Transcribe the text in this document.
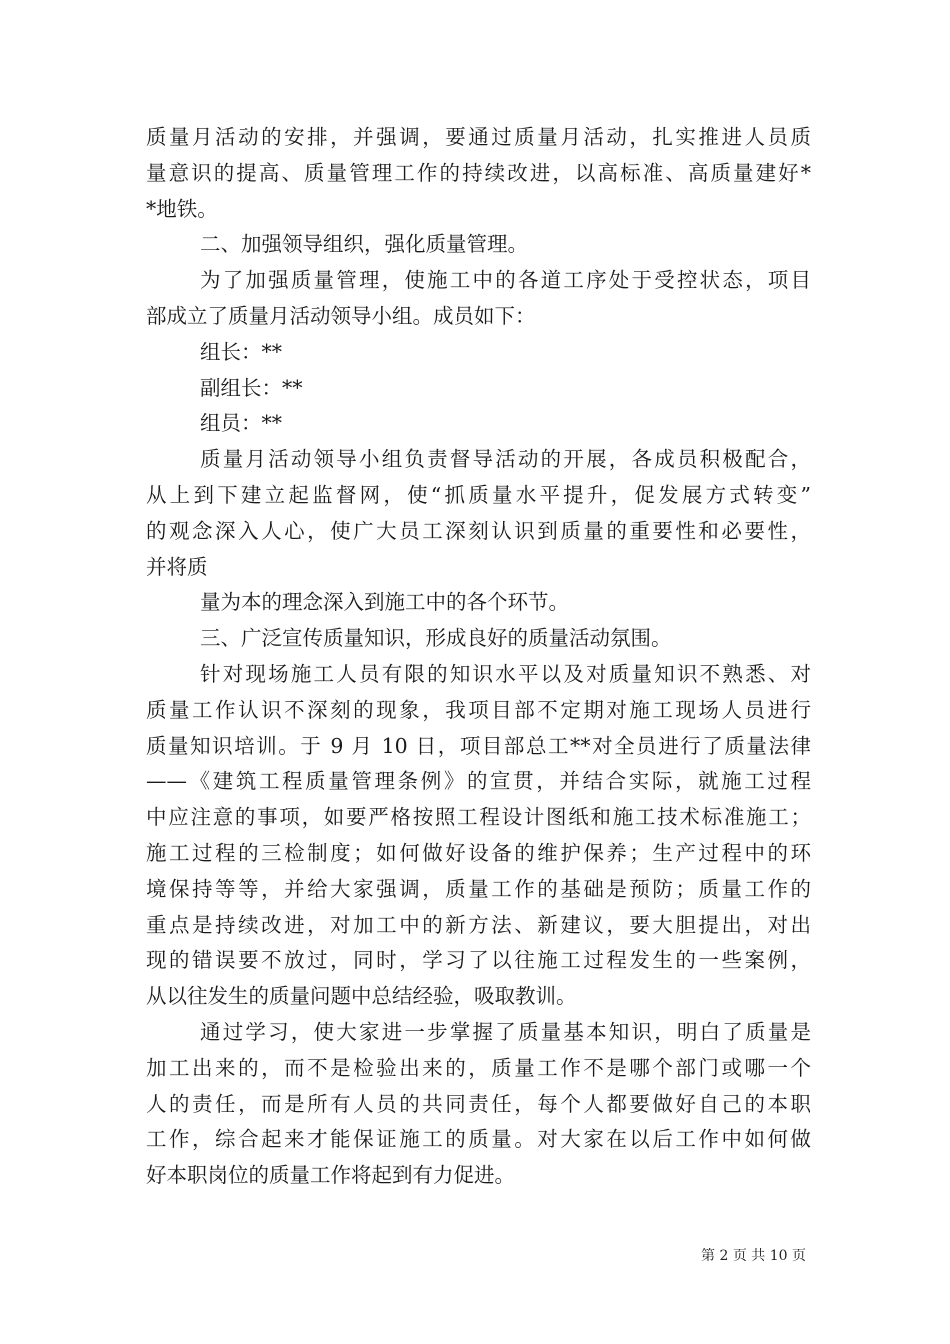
质量月活动的安排，并强调，要通过质量月活动，扎实推进人员质
量意识的提高、质量管理工作的持续改进，以高标准、高质量建好*
*地铁。
二、加强领导组织，强化质量管理。
为了加强质量管理，使施工中的各道工序处于受控状态，项目
部成立了质量月活动领导小组。成员如下：
组长：**
副组长：**
组员：**
质量月活动领导小组负责督导活动的开展，各成员积极配合，
从上到下建立起监督网，使“抓质量水平提升，促发展方式转变”
的观念深入人心，使广大员工深刻认识到质量的重要性和必要性，
并将质
量为本的理念深入到施工中的各个环节。
三、广泛宣传质量知识，形成良好的质量活动氛围。
针对现场施工人员有限的知识水平以及对质量知识不熟悉、对
质量工作认识不深刻的现象，我项目部不定期对施工现场人员进行
质量知识培训。于 9 月 10 日，项目部总工**对全员进行了质量法律
——《建筑工程质量管理条例》的宣贯，并结合实际，就施工过程
中应注意的事项，如要严格按照工程设计图纸和施工技术标准施工；
施工过程的三检制度；如何做好设备的维护保养；生产过程中的环
境保持等等，并给大家强调，质量工作的基础是预防；质量工作的
重点是持续改进，对加工中的新方法、新建议，要大胆提出，对出
现的错误要不放过，同时，学习了以往施工过程发生的一些案例，
从以往发生的质量问题中总结经验，吸取教训。
通过学习，使大家进一步掌握了质量基本知识，明白了质量是
加工出来的，而不是检验出来的，质量工作不是哪个部门或哪一个
人的责任，而是所有人员的共同责任，每个人都要做好自己的本职
工作，综合起来才能保证施工的质量。对大家在以后工作中如何做
好本职岗位的质量工作将起到有力促进。
第 2 页 共 10 页
